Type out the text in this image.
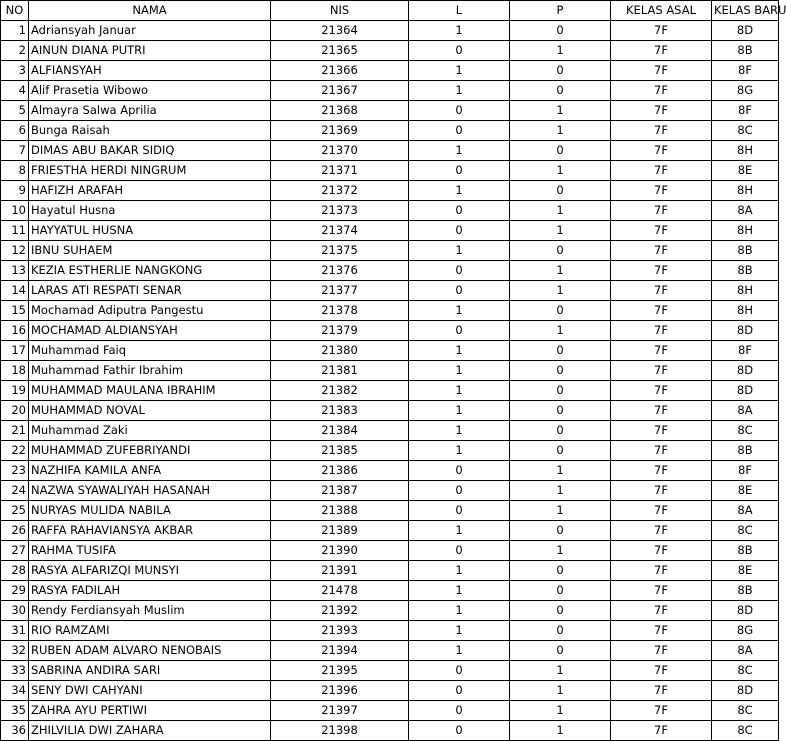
NO	NAMA	NIS	L	P	KELAS ASAL	KELAS BARU
1	Adriansyah Januar	21364	1	0	7F	8D
2	AINUN DIANA PUTRI	21365	0	1	7F	8B
3	ALFIANSYAH	21366	1	0	7F	8F
4	Alif Prasetia Wibowo	21367	1	0	7F	8G
5	Almayra Salwa Aprilia	21368	0	1	7F	8F
6	Bunga Raisah	21369	0	1	7F	8C
7	DIMAS ABU BAKAR SIDIQ	21370	1	0	7F	8H
8	FRIESTHA HERDI NINGRUM	21371	0	1	7F	8E
9	HAFIZH ARAFAH	21372	1	0	7F	8H
10	Hayatul Husna	21373	0	1	7F	8A
11	HAYYATUL HUSNA	21374	0	1	7F	8H
12	IBNU SUHAEM	21375	1	0	7F	8B
13	KEZIA ESTHERLIE NANGKONG	21376	0	1	7F	8B
14	LARAS ATI RESPATI SENAR	21377	0	1	7F	8H
15	Mochamad Adiputra Pangestu	21378	1	0	7F	8H
16	MOCHAMAD ALDIANSYAH	21379	0	1	7F	8D
17	Muhammad Faiq	21380	1	0	7F	8F
18	Muhammad Fathir Ibrahim	21381	1	0	7F	8D
19	MUHAMMAD MAULANA IBRAHIM	21382	1	0	7F	8D
20	MUHAMMAD NOVAL	21383	1	0	7F	8A
21	Muhammad Zaki	21384	1	0	7F	8C
22	MUHAMMAD ZUFEBRIYANDI	21385	1	0	7F	8B
23	NAZHIFA KAMILA ANFA	21386	0	1	7F	8F
24	NAZWA SYAWALIYAH HASANAH	21387	0	1	7F	8E
25	NURYAS MULIDA NABILA	21388	0	1	7F	8A
26	RAFFA RAHAVIANSYA AKBAR	21389	1	0	7F	8C
27	RAHMA TUSIFA	21390	0	1	7F	8B
28	RASYA ALFARIZQI MUNSYI	21391	1	0	7F	8E
29	RASYA FADILAH	21478	1	0	7F	8B
30	Rendy Ferdiansyah Muslim	21392	1	0	7F	8D
31	RIO RAMZAMI	21393	1	0	7F	8G
32	RUBEN ADAM ALVARO NENOBAIS	21394	1	0	7F	8A
33	SABRINA ANDIRA SARI	21395	0	1	7F	8C
34	SENY DWI CAHYANI	21396	0	1	7F	8D
35	ZAHRA AYU PERTIWI	21397	0	1	7F	8C
36	ZHILVILIA DWI ZAHARA	21398	0	1	7F	8C
